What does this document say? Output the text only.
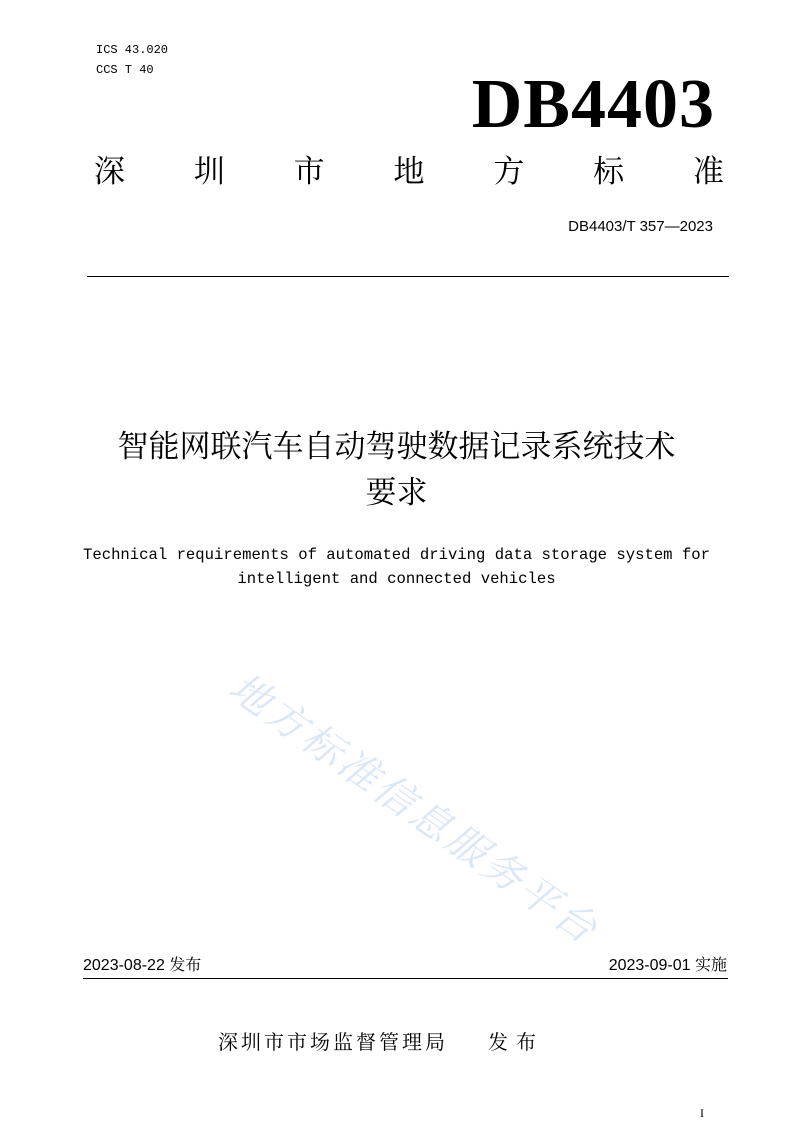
ICS 43.020
CCS T 40	DB4403
深 圳 市 地 方 标 准
DB4403/T 357—2023
智能网联汽车自动驾驶数据记录系统技术
要求
Technical requirements of automated driving data storage system for
intelligent and connected vehicles
地方标准信息服务平台
2023-08-22 发布	2023-09-01 实施
深圳市市场监督管理局 发布
I
